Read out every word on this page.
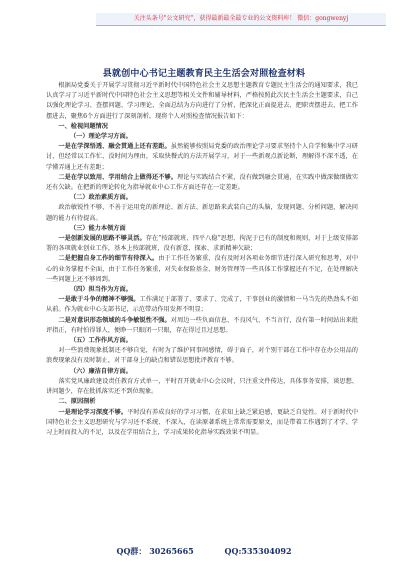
关注头条号"公文研究"，获得最新最全最专业的公文资料库！ 微信：gongwenyj
县就创中心书记主题教育民主生活会对照检查材料

根据局党委关于开展学习贯彻习近平新时代中国特色社会主义思想主题教育专题民主生活会的通知要求，我已认真学习了习近平新时代中国特色社会主义思想等相关文件和辅导材料，严格按照此次民主生活会主题要求，自己以强化理论学习、查摆问题、学习理论、全面总结为方向进行了分析，把深化正面提进去、把职责摆进去、把工作摆进去，聚焦6个方面进行了深刻剖析。现将个人对照检查情况报告如下：

一、检视问题情况

（一）理论学习方面。

一是在学深悟透、融会贯通上还有差距。虽然能够按照局党委的政治理论学习要求坚持个人自学和集中学习研讨，但经常以工作忙、没时间为理由，采取快餐式的方法开展学习，对于一些新观点新论断，理解得不深不透，在学懂弄通上还有差距；

二是在学以致用、学用结合上做得还不够。理论与实践结合不紧，没有做到融会贯通，在实践中做深做细做实还有欠缺。在把新的理论转化为指导就业中心工作方面还存在一定差距。

（二）政治素质方面。

政治敏锐性不够，不善于运用党的新理论、新方法、新思路来武装自己的头脑，发现问题、分析问题，解决问题的能力有待提高。

（三）能力本领方面

一是创新发展的思路不够灵活。存在“按部就班、四平八稳”思想，拘泥于已有的制度和规则，对于上级安排部署的各项就业创业工作，基本上按部就班，没有新意，探索、求新精神欠缺；

二是把握自身工作的细节有待深入。由于工作任务繁重，没有及时对各项业务细节进行深入研究和思考，对中心的业务掌握不全面，由于工作任务繁重，对失业保险基金、财务管理等一些具体工作掌握还有不足，在处理解决一些问题上还不够周到。

（四）担当作为方面。

一是敢于斗争的精神不够强。工作满足于部署了、要求了、完成了，干事创业的激情和一马当先的热劲头不如从前。作为就业中心支部书记，示范带动作用发挥不明显；

二是对意识形态领域的斗争敏锐性不强。对周边一些负面信息、不良风气、不当言行，没有第一时间站出来批评指正，有时怕得罪人，便睁一只眼闭一只眼，存在得过且过思想。

（五）工作作风方面。

对一些浪费现象抵制还不够自觉，有时为了维护同事间感情，碍于面子，对个别干部在工作中存在办公用品的浪费现象没有及时制止，对干部身上的缺点和错误思想批评教育不够。

（六）廉洁自律方面。

落实党风廉政建设责任教育方式单一，平时召开就业中心会议时，只注重文件传达，具体事务安排，谈思想、讲问题少，存在批抓落实还不到位现象。

二、原因剖析

一是理论学习深度不够。平时没有养成良好的学习习惯，在求知上缺乏紧迫感，更缺乏自觉性。对于新时代中国特色社会主义思想研究与学习还不系统、不深入，在读原著系统上常常需要原文，而是带着工作遇到了才学、学习上时而投入的不足，以及在学用结合上，学习成果转化指导实践效果不明显。

QQ群： 30265665	QQ:535304092
